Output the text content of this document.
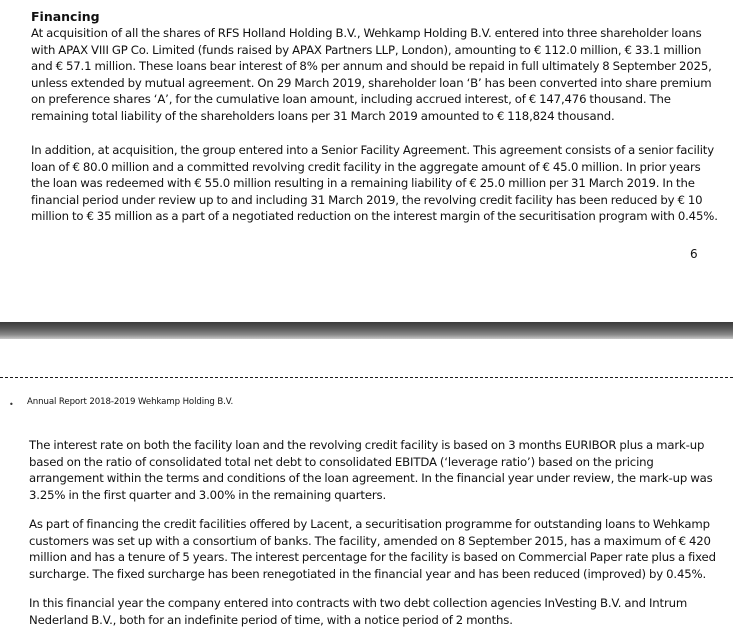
Financing

At acquisition of all the shares of RFS Holland Holding B.V., Wehkamp Holding B.V. entered into three shareholder loans with APAX VIII GP Co. Limited (funds raised by APAX Partners LLP, London), amounting to € 112.0 million, € 33.1 million and € 57.1 million. These loans bear interest of 8% per annum and should be repaid in full ultimately 8 September 2025, unless extended by mutual agreement. On 29 March 2019, shareholder loan ‘B’ has been converted into share premium on preference shares ‘A’, for the cumulative loan amount, including accrued interest, of € 147,476 thousand. The remaining total liability of the shareholders loans per 31 March 2019 amounted to € 118,824 thousand.

In addition, at acquisition, the group entered into a Senior Facility Agreement. This agreement consists of a senior facility loan of € 80.0 million and a committed revolving credit facility in the aggregate amount of € 45.0 million. In prior years the loan was redeemed with € 55.0 million resulting in a remaining liability of € 25.0 million per 31 March 2019. In the financial period under review up to and including 31 March 2019, the revolving credit facility has been reduced by € 10 million to € 35 million as a part of a negotiated reduction on the interest margin of the securitisation program with 0.45%.

6
• Annual Report 2018-2019 Wehkamp Holding B.V.

The interest rate on both the facility loan and the revolving credit facility is based on 3 months EURIBOR plus a mark-up based on the ratio of consolidated total net debt to consolidated EBITDA (‘leverage ratio’) based on the pricing arrangement within the terms and conditions of the loan agreement. In the financial year under review, the mark-up was 3.25% in the first quarter and 3.00% in the remaining quarters.

As part of financing the credit facilities offered by Lacent, a securitisation programme for outstanding loans to Wehkamp customers was set up with a consortium of banks. The facility, amended on 8 September 2015, has a maximum of € 420 million and has a tenure of 5 years. The interest percentage for the facility is based on Commercial Paper rate plus a fixed surcharge. The fixed surcharge has been renegotiated in the financial year and has been reduced (improved) by 0.45%.

In this financial year the company entered into contracts with two debt collection agencies InVesting B.V. and Intrum Nederland B.V., both for an indefinite period of time, with a notice period of 2 months.
